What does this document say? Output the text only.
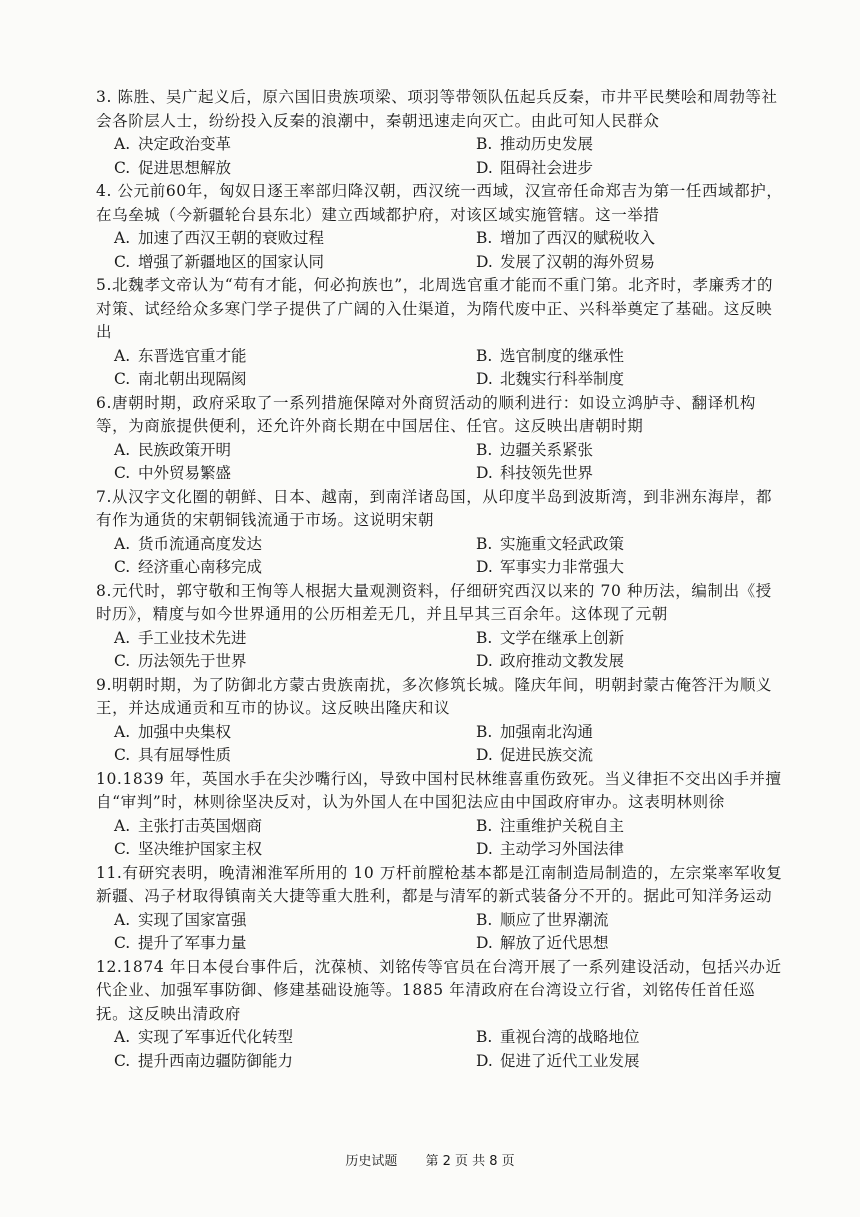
3. 陈胜、吴广起义后，原六国旧贵族项梁、项羽等带领队伍起兵反秦，市井平民樊哙和周勃等社会各阶层人士，纷纷投入反秦的浪潮中，秦朝迅速走向灭亡。由此可知人民群众

A. 决定政治变革	B. 推动历史发展
C. 促进思想解放	D. 阻碍社会进步

4. 公元前60年，匈奴日逐王率部归降汉朝，西汉统一西域，汉宣帝任命郑吉为第一任西域都护，在乌垒城（今新疆轮台县东北）建立西域都护府，对该区域实施管辖。这一举措

A. 加速了西汉王朝的衰败过程	B. 增加了西汉的赋税收入
C. 增强了新疆地区的国家认同	D. 发展了汉朝的海外贸易

5.北魏孝文帝认为“苟有才能，何必拘族也”，北周选官重才能而不重门第。北齐时，孝廉秀才的对策、试经给众多寒门学子提供了广阔的入仕渠道，为隋代废中正、兴科举奠定了基础。这反映出

A. 东晋选官重才能	B. 选官制度的继承性
C. 南北朝出现隔阂	D. 北魏实行科举制度

6.唐朝时期，政府采取了一系列措施保障对外商贸活动的顺利进行：如设立鸿胪寺、翻译机构等，为商旅提供便利，还允许外商长期在中国居住、任官。这反映出唐朝时期

A. 民族政策开明	B. 边疆关系紧张
C. 中外贸易繁盛	D. 科技领先世界

7.从汉字文化圈的朝鲜、日本、越南，到南洋诸岛国，从印度半岛到波斯湾，到非洲东海岸，都有作为通货的宋朝铜钱流通于市场。这说明宋朝

A. 货币流通高度发达	B. 实施重文轻武政策
C. 经济重心南移完成	D. 军事实力非常强大

8.元代时，郭守敬和王恂等人根据大量观测资料，仔细研究西汉以来的 70 种历法，编制出《授时历》，精度与如今世界通用的公历相差无几，并且早其三百余年。这体现了元朝

A. 手工业技术先进	B. 文学在继承上创新
C. 历法领先于世界	D. 政府推动文教发展

9.明朝时期，为了防御北方蒙古贵族南扰，多次修筑长城。隆庆年间，明朝封蒙古俺答汗为顺义王，并达成通贡和互市的协议。这反映出隆庆和议

A. 加强中央集权	B. 加强南北沟通
C. 具有屈辱性质	D. 促进民族交流

10.1839 年，英国水手在尖沙嘴行凶，导致中国村民林维喜重伤致死。当义律拒不交出凶手并擅自“审判”时，林则徐坚决反对，认为外国人在中国犯法应由中国政府审办。这表明林则徐

A. 主张打击英国烟商	B. 注重维护关税自主
C. 坚决维护国家主权	D. 主动学习外国法律

11.有研究表明，晚清湘淮军所用的 10 万杆前膛枪基本都是江南制造局制造的，左宗棠率军收复新疆、冯子材取得镇南关大捷等重大胜利，都是与清军的新式装备分不开的。据此可知洋务运动

A. 实现了国家富强	B. 顺应了世界潮流
C. 提升了军事力量	D. 解放了近代思想

12.1874 年日本侵台事件后，沈葆桢、刘铭传等官员在台湾开展了一系列建设活动，包括兴办近代企业、加强军事防御、修建基础设施等。1885 年清政府在台湾设立行省，刘铭传任首任巡抚。这反映出清政府

A. 实现了军事近代化转型	B. 重视台湾的战略地位
C. 提升西南边疆防御能力	D. 促进了近代工业发展
历史试题 第 2 页 共 8 页
